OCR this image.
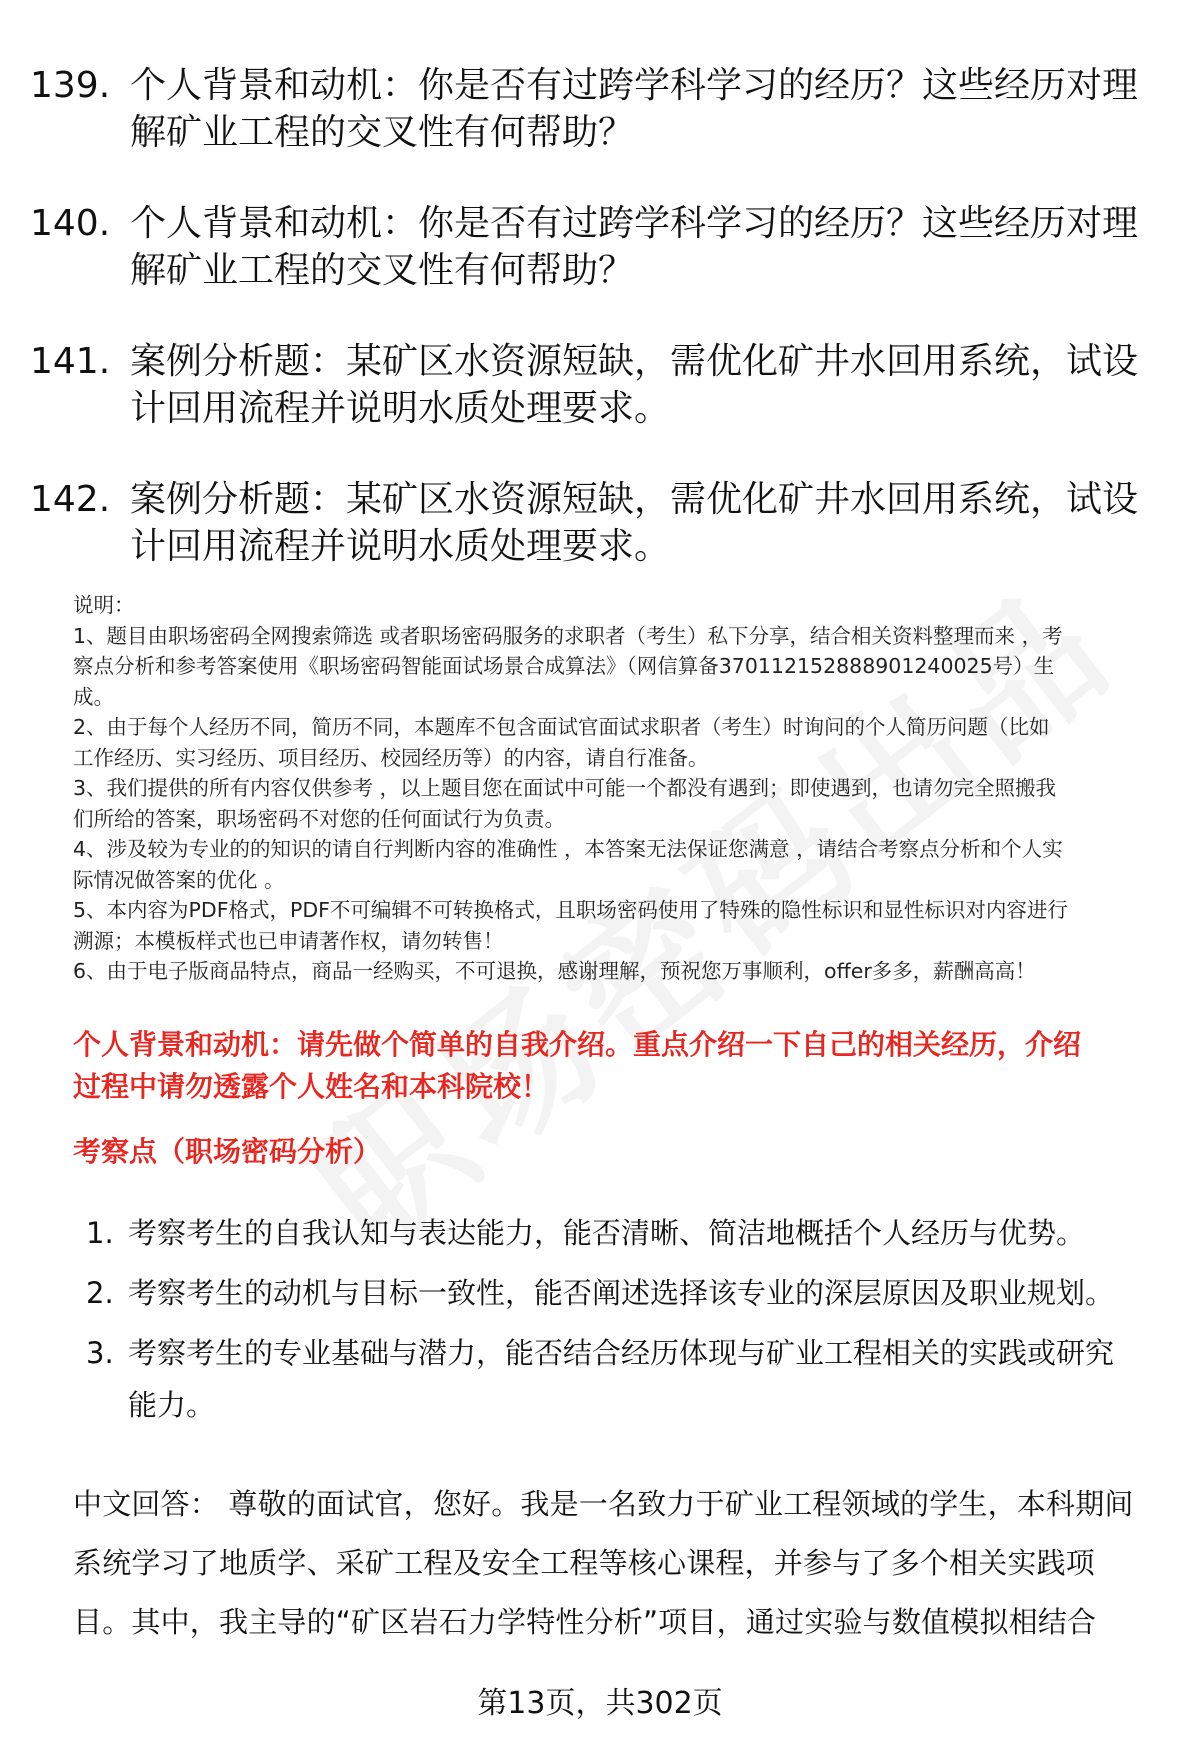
139. 个人背景和动机：你是否有过跨学科学习的经历？这些经历对理
解矿业工程的交叉性有何帮助？
140. 个人背景和动机：你是否有过跨学科学习的经历？这些经历对理
解矿业工程的交叉性有何帮助？
141. 案例分析题：某矿区水资源短缺，需优化矿井水回用系统，试设
计回用流程并说明水质处理要求。
142. 案例分析题：某矿区水资源短缺，需优化矿井水回用系统，试设
计回用流程并说明水质处理要求。

说明：

1、题目由职场密码全网搜索筛选 或者职场密码服务的求职者（考生）私下分享，结合相关资料整理而来 ，考

察点分析和参考答案使用《职场密码智能面试场景合成算法》（网信算备370112152888901240025号）生

成。

2、由于每个人经历不同，简历不同，本题库不包含面试官面试求职者（考生）时询问的个人简历问题（比如

工作经历、实习经历、项目经历、校园经历等）的内容，请自行准备。

3、我们提供的所有内容仅供参考 ，以上题目您在面试中可能一个都没有遇到；即使遇到，也请勿完全照搬我

们所给的答案，职场密码不对您的任何面试行为负责。

4、涉及较为专业的的知识的请自行判断内容的准确性 ，本答案无法保证您满意 ，请结合考察点分析和个人实

际情况做答案的优化 。

5、本内容为PDF格式，PDF不可编辑不可转换格式，且职场密码使用了特殊的隐性标识和显性标识对内容进行

溯源；本模板样式也已申请著作权，请勿转售！

6、由于电子版商品特点，商品一经购买，不可退换，感谢理解，预祝您万事顺利，offer多多，薪酬高高！

个人背景和动机：请先做个简单的自我介绍。重点介绍一下自己的相关经历，介绍
过程中请勿透露个人姓名和本科院校！
考察点（职场密码分析）
1. 考察考生的自我认知与表达能力，能否清晰、简洁地概括个人经历与优势。
2. 考察考生的动机与目标一致性，能否阐述选择该专业的深层原因及职业规划。
3. 考察考生的专业基础与潜力，能否结合经历体现与矿业工程相关的实践或研究
能力。

中文回答： 尊敬的面试官，您好。我是一名致力于矿业工程领域的学生，本科期间

系统学习了地质学、采矿工程及安全工程等核心课程，并参与了多个相关实践项

目。其中，我主导的“矿区岩石力学特性分析”项目，通过实验与数值模拟相结合

第13页，共302页
